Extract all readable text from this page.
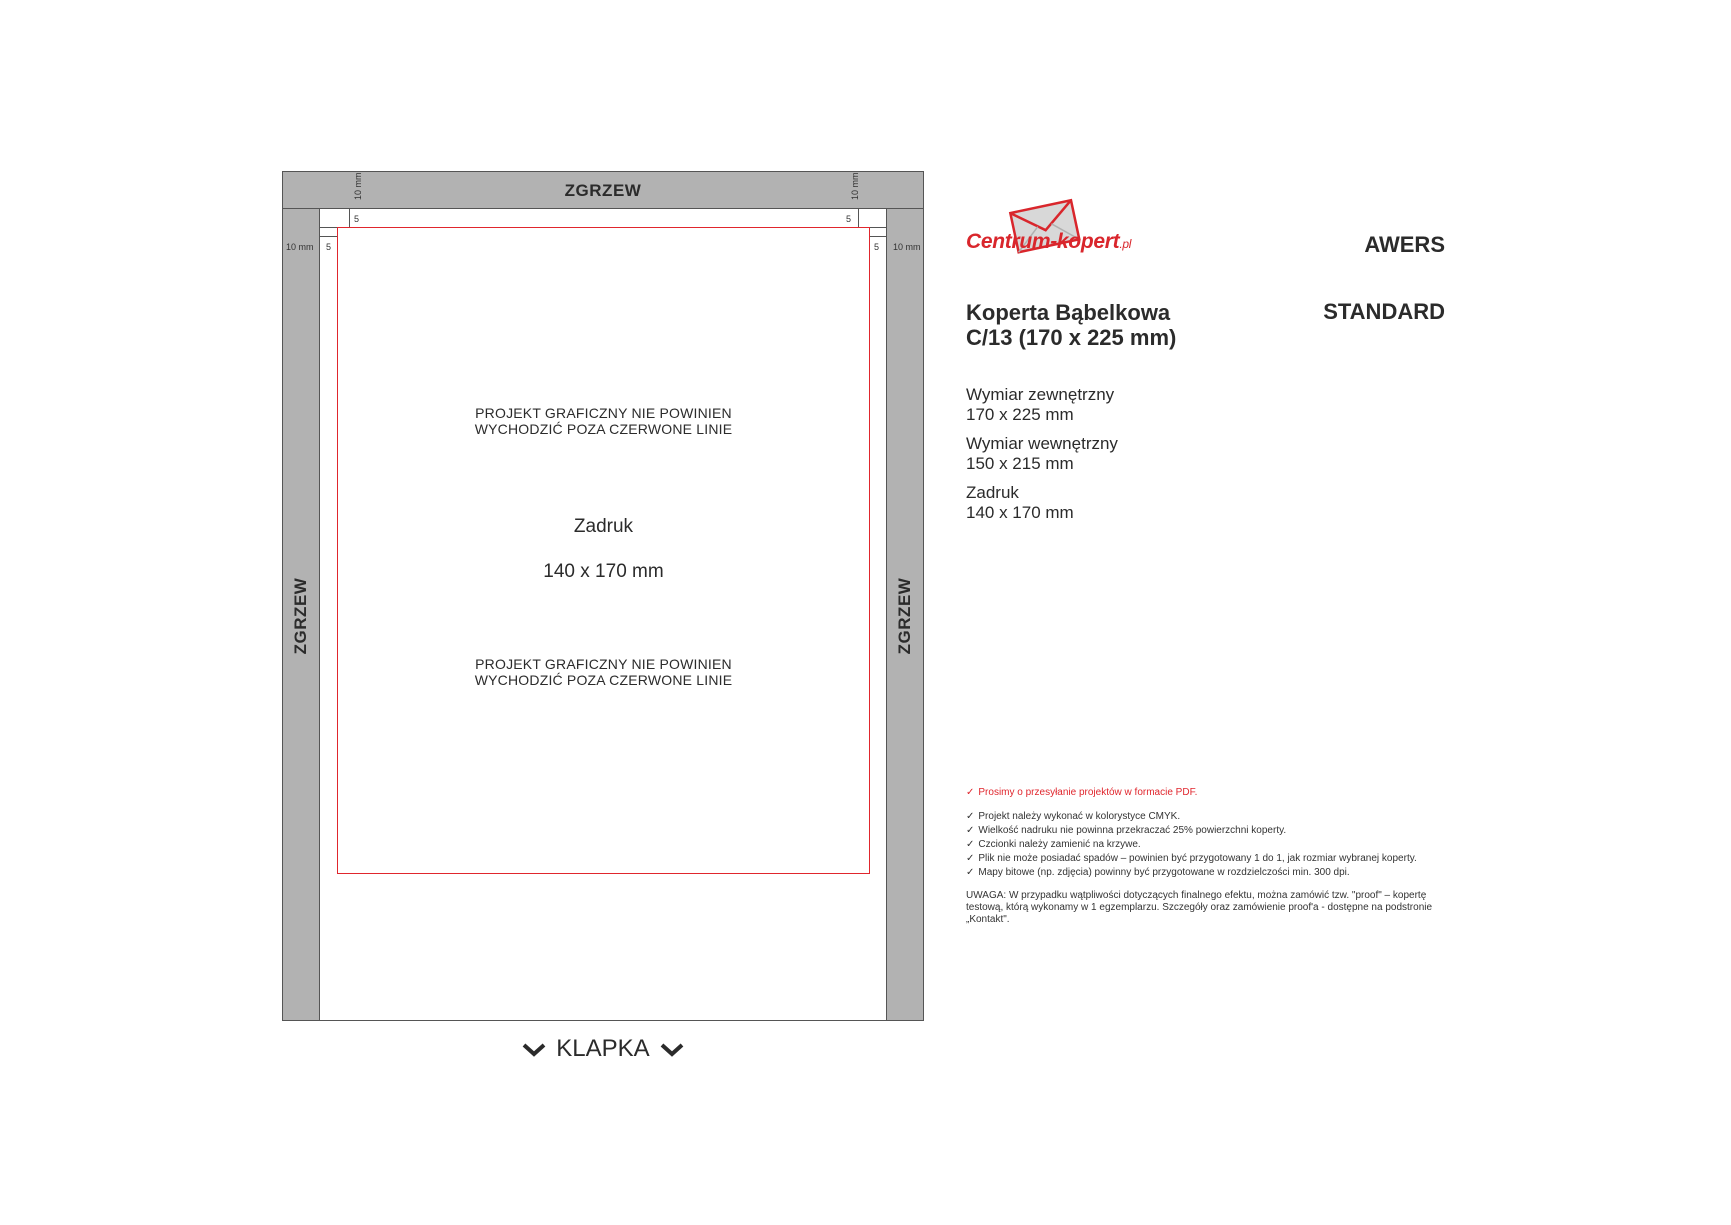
ZGRZEW
ZGRZEW	ZGRZEW
10 mm
5
10 mm 5
10 mm
5
5 10 mm
PROJEKT GRAFICZNY NIE POWINIEN
WYCHODZIĆ POZA CZERWONE LINIE
Zadruk
140 x 170 mm
PROJEKT GRAFICZNY NIE POWINIEN
WYCHODZIĆ POZA CZERWONE LINIE
KLAPKA
Centrum-kopert.pl	AWERS
STANDARD
Koperta Bąbelkowa
C/13 (170 x 225 mm)
Wymiar zewnętrzny
170 x 225 mm
Wymiar wewnętrzny
150 x 215 mm
Zadruk
140 x 170 mm
✓ Prosimy o przesyłanie projektów w formacie PDF.
✓ Projekt należy wykonać w kolorystyce CMYK.
✓ Wielkość nadruku nie powinna przekraczać 25% powierzchni koperty.
✓ Czcionki należy zamienić na krzywe.
✓ Plik nie może posiadać spadów – powinien być przygotowany 1 do 1, jak rozmiar wybranej koperty.
✓ Mapy bitowe (np. zdjęcia) powinny być przygotowane w rozdzielczości min. 300 dpi.
UWAGA: W przypadku wątpliwości dotyczących finalnego efektu, można zamówić tzw. "proof" – kopertę testową, którą wykonamy w 1 egzemplarzu. Szczegóły oraz zamówienie proof'a - dostępne na podstronie „Kontakt".
